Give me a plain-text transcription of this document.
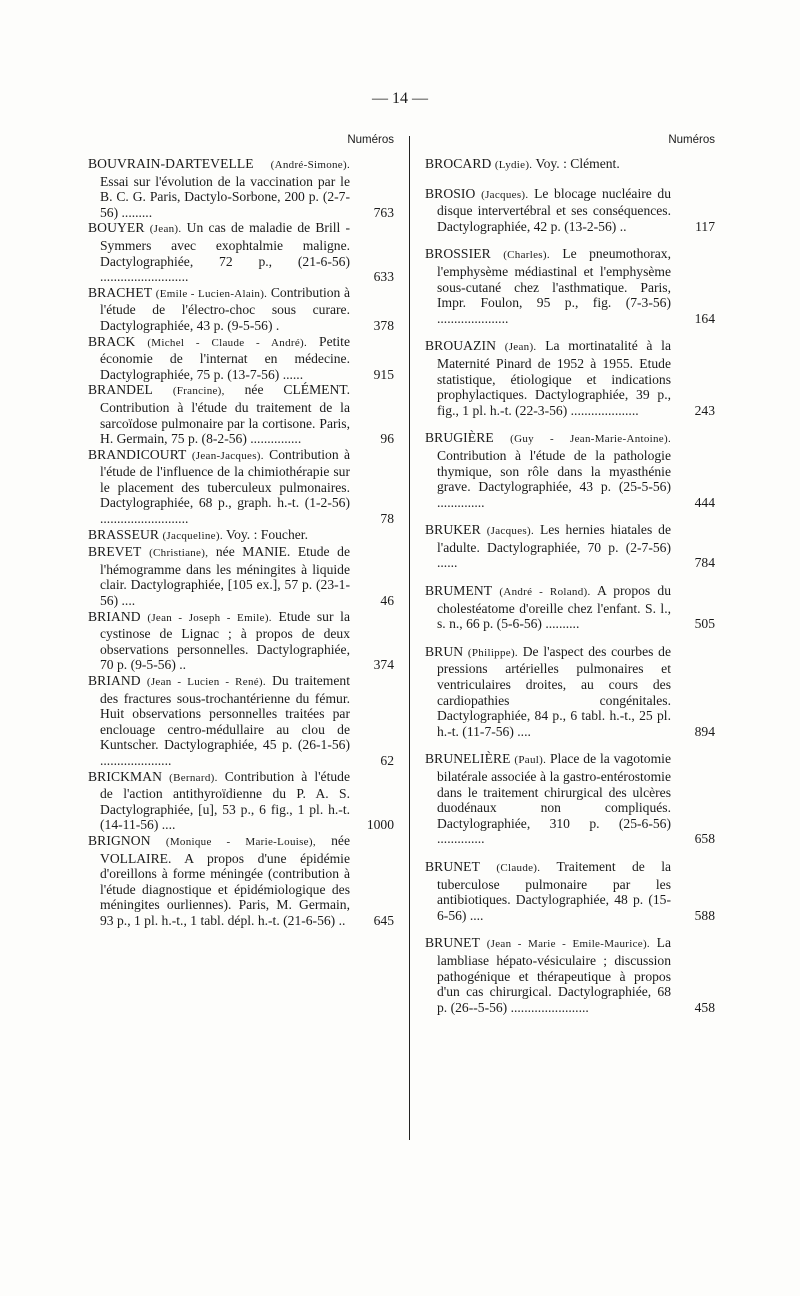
— 14 —
Numéros
BOUVRAIN-DARTEVELLE (André-Simone). Essai sur l'évolution de la vaccination par le B. C. G. Paris, Dactylo-Sorbone, 200 p. (2-7-56) .........	763
BOUYER (Jean). Un cas de maladie de Brill - Symmers avec exophtalmie maligne. Dactylographiée, 72 p., (21-6-56) ..........................	633
BRACHET (Emile - Lucien-Alain). Contribution à l'étude de l'électro-choc sous curare. Dactylographiée, 43 p. (9-5-56) .	378
BRACK (Michel - Claude - André). Petite économie de l'internat en médecine. Dactylographiée, 75 p. (13-7-56) ......	915
BRANDEL (Francine), née CLÉMENT. Contribution à l'étude du traitement de la sarcoïdose pulmonaire par la cortisone. Paris, H. Germain, 75 p. (8-2-56) ...............	96
BRANDICOURT (Jean-Jacques). Contribution à l'étude de l'influence de la chimiothérapie sur le placement des tuberculeux pulmonaires. Dactylographiée, 68 p., graph. h.-t. (1-2-56) ..........................	78
BRASSEUR (Jacqueline). Voy. : Foucher.
BREVET (Christiane), née MANIE. Etude de l'hémogramme dans les méningites à liquide clair. Dactylographiée, [105 ex.], 57 p. (23-1-56) ....	46
BRIAND (Jean - Joseph - Emile). Etude sur la cystinose de Lignac ; à propos de deux observations personnelles. Dactylographiée, 70 p. (9-5-56) ..	374
BRIAND (Jean - Lucien - René). Du traitement des fractures sous-trochantérienne du fémur. Huit observations personnelles traitées par enclouage centro-médullaire au clou de Kuntscher. Dactylographiée, 45 p. (26-1-56) .....................	62
BRICKMAN (Bernard). Contribution à l'étude de l'action antithyroïdienne du P. A. S. Dactylographiée, [u], 53 p., 6 fig., 1 pl. h.-t. (14-11-56) ....	1000
BRIGNON (Monique - Marie-Louise), née VOLLAIRE. A propos d'une épidémie d'oreillons à forme méningée (contribution à l'étude diagnostique et épidémiologique des méningites ourliennes). Paris, M. Germain, 93 p., 1 pl. h.-t., 1 tabl. dépl. h.-t. (21-6-56) .. 645
Numéros
BROCARD (Lydie). Voy. : Clément.
BROSIO (Jacques). Le blocage nucléaire du disque intervertébral et ses conséquences. Dactylographiée, 42 p. (13-2-56) ..	117
BROSSIER (Charles). Le pneumothorax, l'emphysème médiastinal et l'emphysème sous-cutané chez l'asthmatique. Paris, Impr. Foulon, 95 p., fig. (7-3-56) .....................	164
BROUAZIN (Jean). La mortinatalité à la Maternité Pinard de 1952 à 1955. Etude statistique, étiologique et indications prophylactiques. Dactylographiée, 39 p., fig., 1 pl. h.-t. (22-3-56) ....................	243
BRUGIÈRE (Guy - Jean-Marie-Antoine). Contribution à l'étude de la pathologie thymique, son rôle dans la myasthénie grave. Dactylographiée, 43 p. (25-5-56) ..............	444
BRUKER (Jacques). Les hernies hiatales de l'adulte. Dactylographiée, 70 p. (2-7-56) ......	784
BRUMENT (André - Roland). A propos du cholestéatome d'oreille chez l'enfant. S. l., s. n., 66 p. (5-6-56) ..........	505
BRUN (Philippe). De l'aspect des courbes de pressions artérielles pulmonaires et ventriculaires droites, au cours des cardiopathies congénitales. Dactylographiée, 84 p., 6 tabl. h.-t., 25 pl. h.-t. (11-7-56) ....	894
BRUNELIÈRE (Paul). Place de la vagotomie bilatérale associée à la gastro-entérostomie dans le traitement chirurgical des ulcères duodénaux non compliqués. Dactylographiée, 310 p. (25-6-56) ..............	658
BRUNET (Claude). Traitement de la tuberculose pulmonaire par les antibiotiques. Dactylographiée, 48 p. (15-6-56) ....	588
BRUNET (Jean - Marie - Emile-Maurice). La lambliase hépato-vésiculaire ; discussion pathogénique et thérapeutique à propos d'un cas chirurgical. Dactylographiée, 68 p. (26--5-56) .......................	458
